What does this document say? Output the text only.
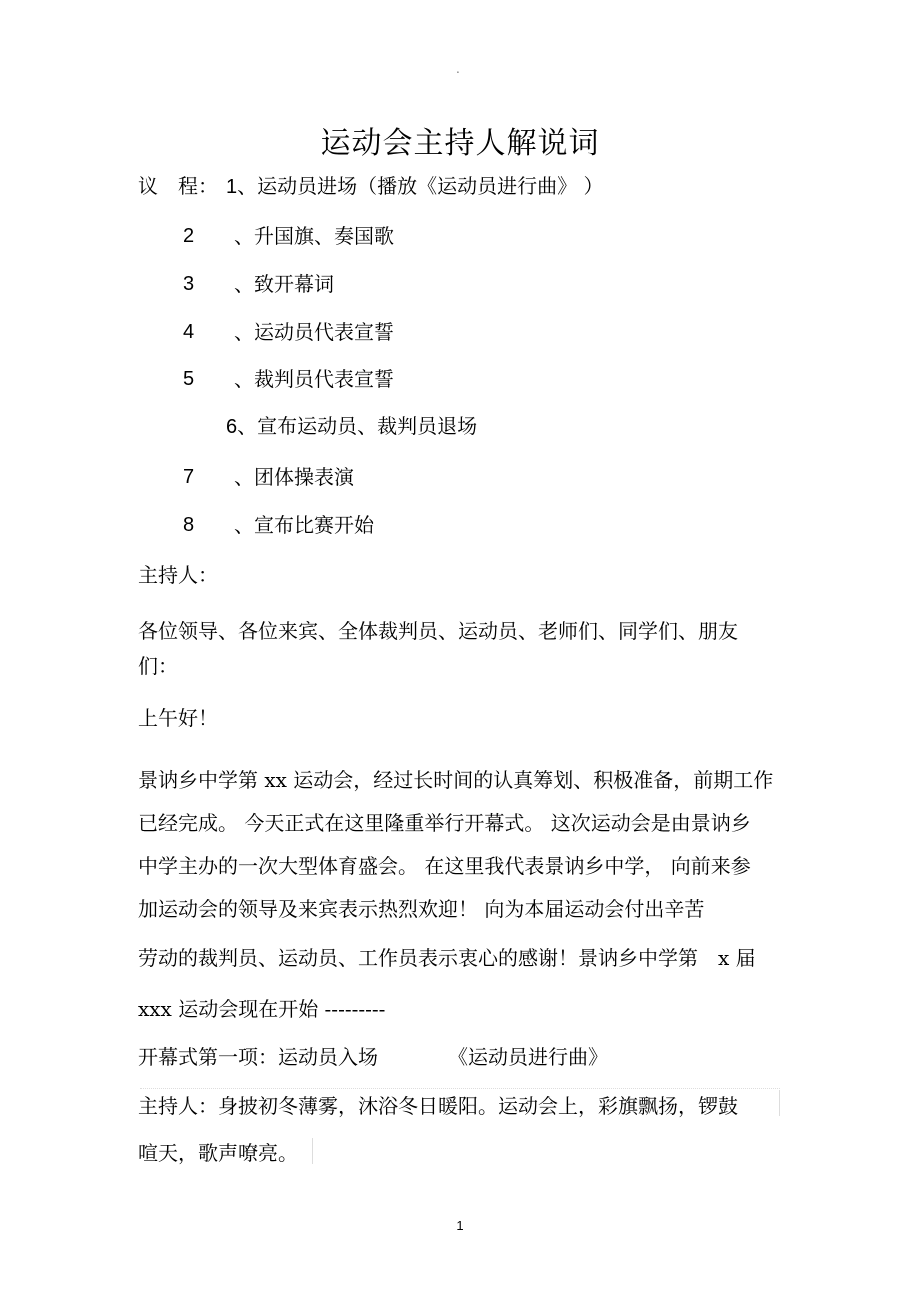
.
运动会主持人解说词
议　程： 1、运动员进场（播放《运动员进行曲》 ）
2 、升国旗、奏国歌
3 、致开幕词
4 、运动员代表宣誓
5 、裁判员代表宣誓
6、宣布运动员、裁判员退场
7 、团体操表演
8 、宣布比赛开始
主持人：
各位领导、各位来宾、全体裁判员、运动员、老师们、同学们、朋友
们：
上午好！
景讷乡中学第 xx 运动会，经过长时间的认真筹划、积极准备，前期工作
已经完成。 今天正式在这里隆重举行开幕式。 这次运动会是由景讷乡
中学主办的一次大型体育盛会。 在这里我代表景讷乡中学， 向前来参
加运动会的领导及来宾表示热烈欢迎！ 向为本届运动会付出辛苦
劳动的裁判员、运动员、工作员表示衷心的感谢！景讷乡中学第　x 届
xxx 运动会现在开始 ---------
开幕式第一项：运动员入场	《运动员进行曲》
主持人：身披初冬薄雾，沐浴冬日暖阳。运动会上，彩旗飘扬，锣鼓
喧天，歌声嘹亮。
1
